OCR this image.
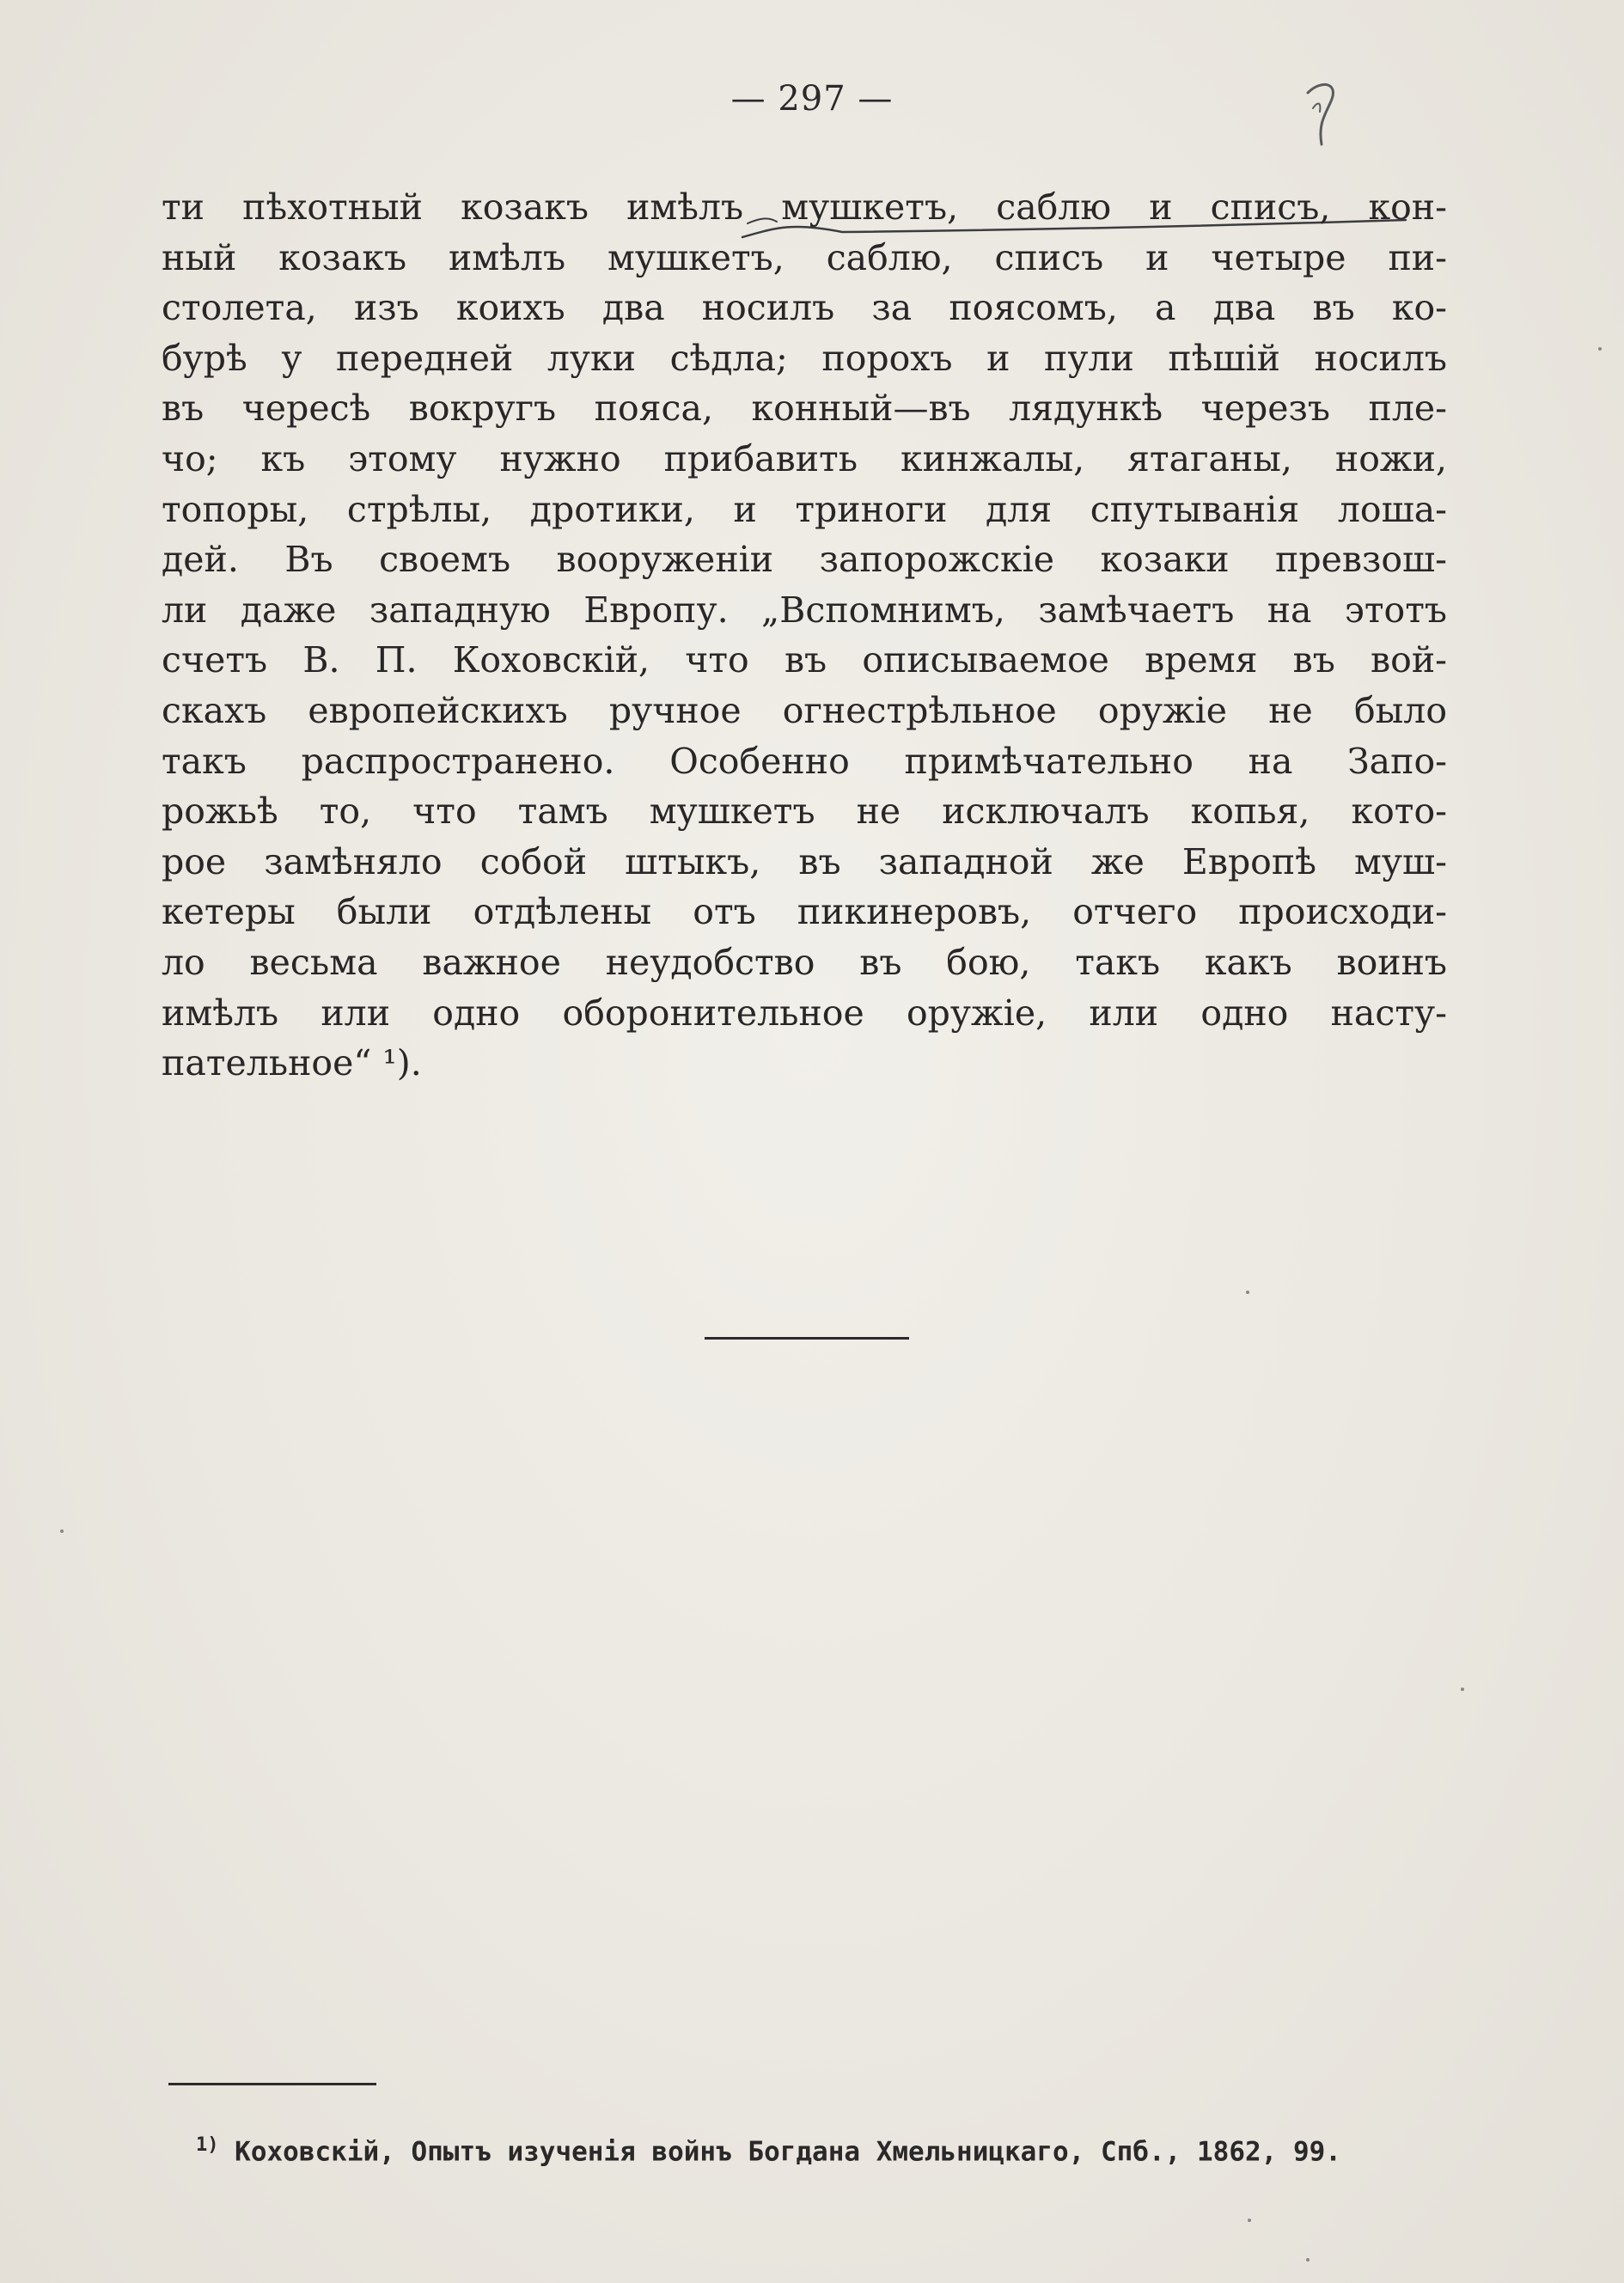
— 297 —
ти пѣхотный козакъ имѣлъ мушкетъ, саблю и списъ, кон-
ный козакъ имѣлъ мушкетъ, саблю, списъ и четыре пи-
столета, изъ коихъ два носилъ за поясомъ, а два въ ко-
бурѣ у передней луки сѣдла; порохъ и пули пѣшій носилъ
въ чересѣ вокругъ пояса, конный—въ лядункѣ черезъ пле-
чо; къ этому нужно прибавить кинжалы, ятаганы, ножи,
топоры, стрѣлы, дротики, и триноги для спутыванія лоша-
дей. Въ своемъ вооруженіи запорожскіе козаки превзош-
ли даже западную Европу. „Вспомнимъ, замѣчаетъ на этотъ
счетъ В. П. Коховскій, что въ описываемое время въ вой-
скахъ европейскихъ ручное огнестрѣльное оружіе не было
такъ распространено. Особенно примѣчательно на Запо-
рожьѣ то, что тамъ мушкетъ не исключалъ копья, кото-
рое замѣняло собой штыкъ, въ западной же Европѣ муш-
кетеры были отдѣлены отъ пикинеровъ, отчего происходи-
ло весьма важное неудобство въ бою, такъ какъ воинъ
имѣлъ или одно оборонительное оружіе, или одно насту-
пательное“ ¹).
$^{1)}$ Коховскій, Опытъ изученія войнъ Богдана Хмельницкаго, Спб., 1862, 99.
